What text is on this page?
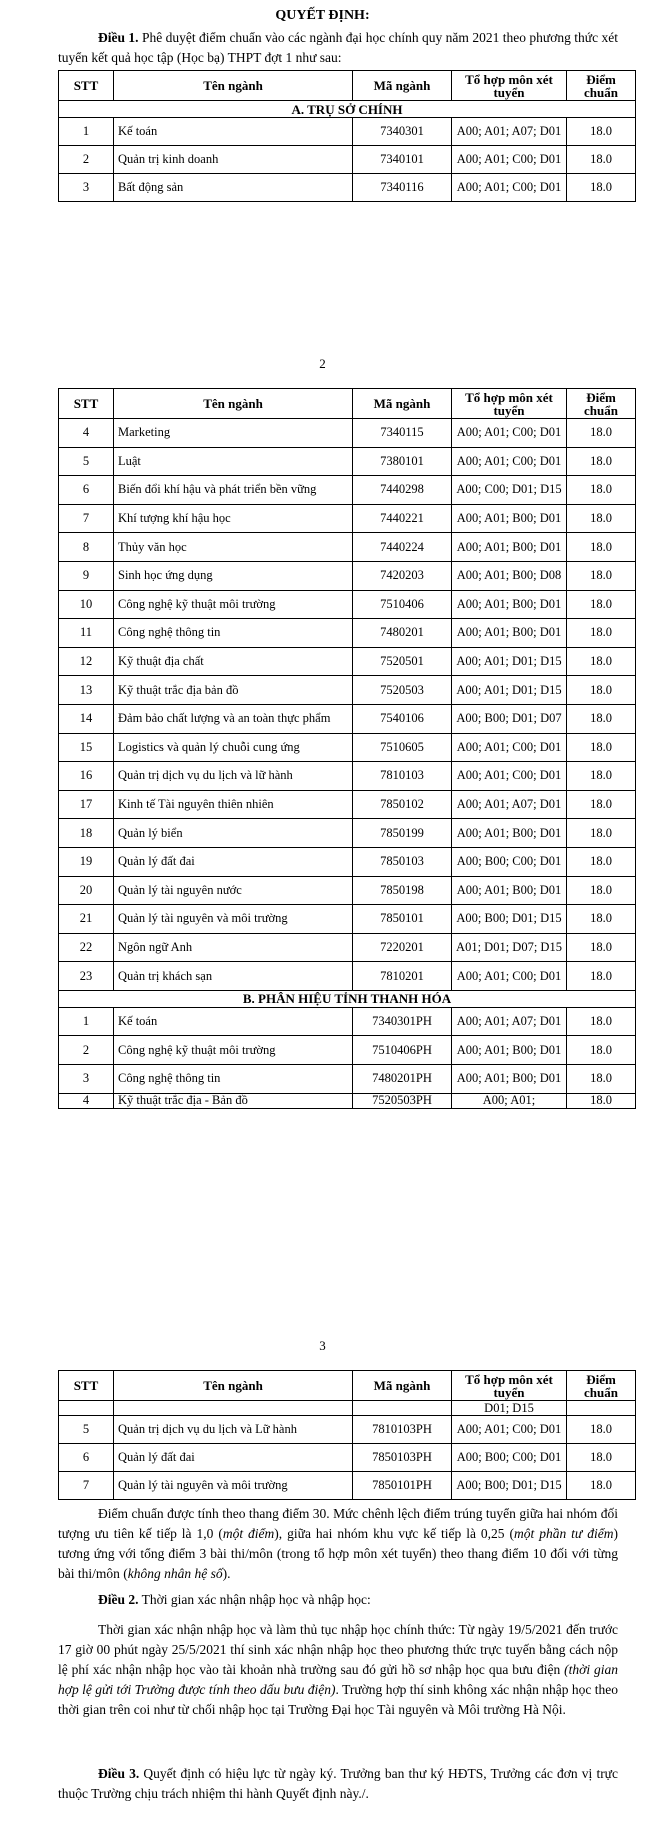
QUYẾT ĐỊNH:
Điều 1. Phê duyệt điểm chuẩn vào các ngành đại học chính quy năm 2021 theo phương thức xét tuyển kết quả học tập (Học bạ) THPT đợt 1 như sau:
STT	Tên ngành	Mã ngành	Tổ hợp môn xét tuyển	Điểm chuẩn
A. TRỤ SỞ CHÍNH				
1	Kế toán	7340301	A00; A01; A07; D01	18.0
2	Quản trị kinh doanh	7340101	A00; A01; C00; D01	18.0
3	Bất động sản	7340116	A00; A01; C00; D01	18.0
2
STT	Tên ngành	Mã ngành	Tổ hợp môn xét tuyển	Điểm chuẩn
4	Marketing	7340115	A00; A01; C00; D01	18.0
5	Luật	7380101	A00; A01; C00; D01	18.0
6	Biến đổi khí hậu và phát triển bền vững	7440298	A00; C00; D01; D15	18.0
7	Khí tượng khí hậu học	7440221	A00; A01; B00; D01	18.0
8	Thủy văn học	7440224	A00; A01; B00; D01	18.0
9	Sinh học ứng dụng	7420203	A00; A01; B00; D08	18.0
10	Công nghệ kỹ thuật môi trường	7510406	A00; A01; B00; D01	18.0
11	Công nghệ thông tin	7480201	A00; A01; B00; D01	18.0
12	Kỹ thuật địa chất	7520501	A00; A01; D01; D15	18.0
13	Kỹ thuật trắc địa bản đồ	7520503	A00; A01; D01; D15	18.0
14	Đảm bảo chất lượng và an toàn thực phẩm	7540106	A00; B00; D01; D07	18.0
15	Logistics và quản lý chuỗi cung ứng	7510605	A00; A01; C00; D01	18.0
16	Quản trị dịch vụ du lịch và lữ hành	7810103	A00; A01; C00; D01	18.0
17	Kinh tế Tài nguyên thiên nhiên	7850102	A00; A01; A07; D01	18.0
18	Quản lý biển	7850199	A00; A01; B00; D01	18.0
19	Quản lý đất đai	7850103	A00; B00; C00; D01	18.0
20	Quản lý tài nguyên nước	7850198	A00; A01; B00; D01	18.0
21	Quản lý tài nguyên và môi trường	7850101	A00; B00; D01; D15	18.0
22	Ngôn ngữ Anh	7220201	A01; D01; D07; D15	18.0
23	Quản trị khách sạn	7810201	A00; A01; C00; D01	18.0
B. PHÂN HIỆU TỈNH THANH HÓA				
1	Kế toán	7340301PH	A00; A01; A07; D01	18.0
2	Công nghệ kỹ thuật môi trường	7510406PH	A00; A01; B00; D01	18.0
3	Công nghệ thông tin	7480201PH	A00; A01; B00; D01	18.0
4	Kỹ thuật trắc địa - Bản đồ	7520503PH	A00; A01;	18.0
3
STT	Tên ngành	Mã ngành	Tổ hợp môn xét tuyển	Điểm chuẩn
			D01; D15	
5	Quản trị dịch vụ du lịch và Lữ hành	7810103PH	A00; A01; C00; D01	18.0
6	Quản lý đất đai	7850103PH	A00; B00; C00; D01	18.0
7	Quản lý tài nguyên và môi trường	7850101PH	A00; B00; D01; D15	18.0
Điểm chuẩn được tính theo thang điểm 30. Mức chênh lệch điểm trúng tuyển giữa hai nhóm đối tượng ưu tiên kế tiếp là 1,0 (một điểm), giữa hai nhóm khu vực kế tiếp là 0,25 (một phần tư điểm) tương ứng với tổng điểm 3 bài thi/môn (trong tổ hợp môn xét tuyển) theo thang điểm 10 đối với từng bài thi/môn (không nhân hệ số).
Điều 2. Thời gian xác nhận nhập học và nhập học:
Thời gian xác nhận nhập học và làm thủ tục nhập học chính thức: Từ ngày 19/5/2021 đến trước 17 giờ 00 phút ngày 25/5/2021 thí sinh xác nhận nhập học theo phương thức trực tuyến bằng cách nộp lệ phí xác nhận nhập học vào tài khoản nhà trường sau đó gửi hồ sơ nhập học qua bưu điện (thời gian hợp lệ gửi tới Trường được tính theo dấu bưu điện). Trường hợp thí sinh không xác nhận nhập học theo thời gian trên coi như từ chối nhập học tại Trường Đại học Tài nguyên và Môi trường Hà Nội.
Điều 3. Quyết định có hiệu lực từ ngày ký. Trưởng ban thư ký HĐTS, Trưởng các đơn vị trực thuộc Trường chịu trách nhiệm thi hành Quyết định này./.
